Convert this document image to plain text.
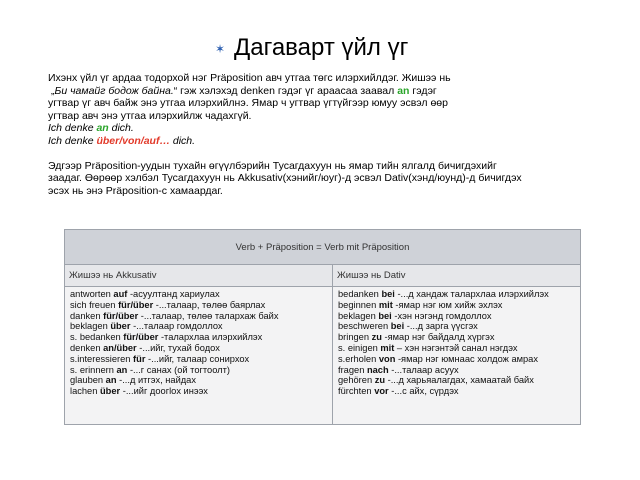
✶ Дагаварт үйл үг

Ихэнх үйл үг ардаа тодорхой нэг Präposition авч утгаа төгс илэрхийлдэг. Жишээ нь

„Би чамайг бодож байна.“ гэж хэлэхэд denken гэдэг үг араасаа заавал an гэдэг

угтвар үг авч байж энэ утгаа илэрхийлнэ. Ямар ч угтвар үгтүйгээр юмуу эсвэл өөр

угтвар авч энэ утгаа илэрхийлж чадахгүй.

Ich denke an dich.

Ich denke über/von/auf… dich.

Эдгээр Präposition-уудын тухайн өгүүлбэрийн Тусагдахуун нь ямар тийн ялгалд бичигдэхийг

заадаг. Өөрөөр хэлбэл Тусагдахуун нь Akkusativ(хэнийг/юуг)-д эсвэл Dativ(хэнд/юунд)-д бичигдэх

эсэх нь энэ Präposition-с хамаардаг.

Verb + Präposition = Verb mit Präposition
Жишээ нь Akkusativ	Жишээ нь Dativ
antworten auf -асуултанд хариулах
sich freuen für/über -...талаар, төлөө баярлах
danken für/über -...талаар, төлөө талархаж байх
beklagen über -...талаар гомдоллох
s. bedanken für/über -талархлаа илэрхийлэх
denken an/über -...ийг, тухай бодох
s.interessieren für -...ийг, талаар сонирхох
s. erinnern an -...г санах (ой тогтоолт)
glauben an -...д итгэх, найдах
lachen über -...ийг доогloх инээх
bedanken bei -...д хандаж талархлаа илэрхийлэх
beginnen mit -ямар нэг юм хийж эхлэх
beklagen bei -хэн нэгэнд гомдоллох
beschweren bei -...д зарга үүсгэх
bringen zu -ямар нэг байдалд хүргэх
s. einigen mit – хэн нэгэнтэй санал нэгдэх
s.erholen von -ямар нэг юмнаас холдож амрах
fragen nach -...талаар асуух
gehören zu -...д харьяалагдах, хамаатай байх
fürchten vor -...с айх, сүрдэх
